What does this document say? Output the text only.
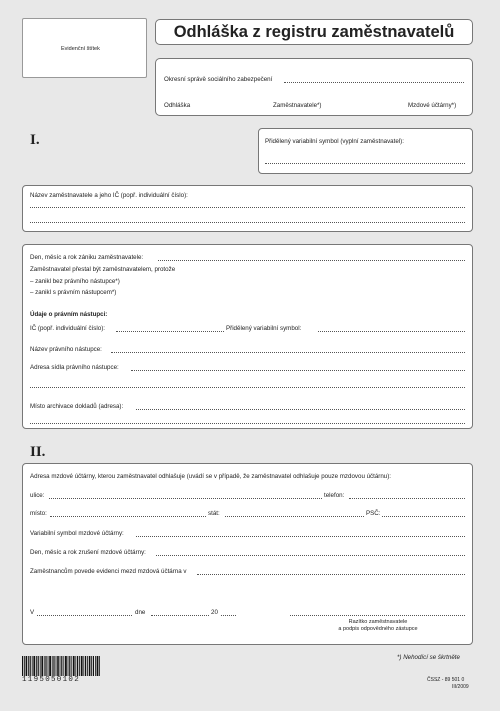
Evidenční štítek
Odhláška z registru zaměstnavatelů
Okresní správě sociálního zabezpečení
Odhláška	Zaměstnavatele*)	Mzdové účtárny*)
I.	Přidělený variabilní symbol (vyplní zaměstnavatel):
Název zaměstnavatele a jeho IČ (popř. individuální číslo):
Den, měsíc a rok zániku zaměstnavatele:
Zaměstnavatel přestal být zaměstnavatelem, protože
– zanikl bez právního nástupce*)
– zanikl s právním nástupcem*)
Údaje o právním nástupci:
IČ (popř. individuální číslo):	Přidělený variabilní symbol:
Název právního nástupce:
Adresa sídla právního nástupce:
Místo archivace dokladů (adresa):
II.
Adresa mzdové účtárny, kterou zaměstnavatel odhlašuje (uvádí se v případě, že zaměstnavatel odhlašuje pouze mzdovou účtárnu):
ulice:	telefon:
místo:	stát:	PSČ:
Variabilní symbol mzdové účtárny:
Den, měsíc a rok zrušení mzdové účtárny:
Zaměstnancům povede evidenci mezd mzdová účtárna v
V	dne	20
Razítko zaměstnavatele
a podpis odpovědného zástupce
*) Nehodící se škrtněte
1195050102	ČSSZ - 89 501 0
III/2009
